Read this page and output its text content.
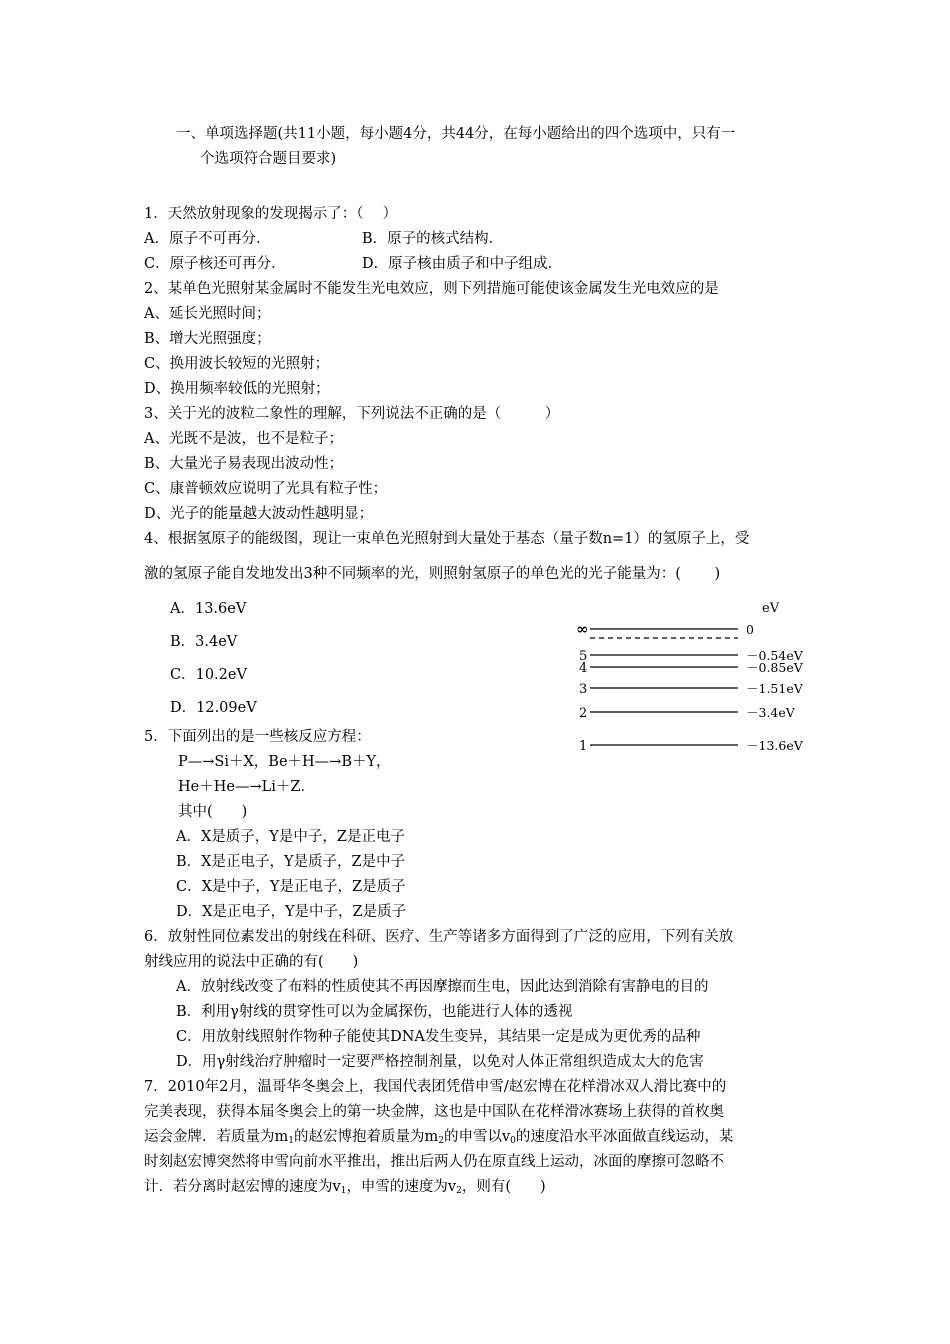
一、单项选择题(共11小题，每小题4分，共44分，在每小题给出的四个选项中，只有一
个选项符合题目要求)
1．天然放射现象的发现揭示了：（　 ）
A．原子不可再分．	B．原子的核式结构．
C．原子核还可再分．	D．原子核由质子和中子组成．
2、某单色光照射某金属时不能发生光电效应，则下列措施可能使该金属发生光电效应的是
A、延长光照时间；
B、增大光照强度；
C、换用波长较短的光照射；
D、换用频率较低的光照射；
3、关于光的波粒二象性的理解，下列说法不正确的是（　　　）
A、光既不是波，也不是粒子；
B、大量光子易表现出波动性；
C、康普顿效应说明了光具有粒子性；
D、光子的能量越大波动性越明显；
4、根据氢原子的能级图，现让一束单色光照射到大量处于基态（量子数n=1）的氢原子上，受
激的氢原子能自发地发出3种不同频率的光，则照射氢原子的单色光的光子能量为：(　　 )
A．13.6eV
B．3.4eV
C．10.2eV
D．12.09eV
eV
∞	0
5	－0.54eV
4	－0.85eV
3	－1.51eV
2	－3.4eV
1	－13.6eV
5．下面列出的是一些核反应方程：
P—→Si＋X，Be＋H—→B＋Y，
He＋He—→Li＋Z．
其中(　　)
A．X是质子，Y是中子，Z是正电子
B．X是正电子，Y是质子，Z是中子
C．X是中子，Y是正电子，Z是质子
D．X是正电子，Y是中子，Z是质子
6．放射性同位素发出的射线在科研、医疗、生产等诸多方面得到了广泛的应用，下列有关放
射线应用的说法中正确的有(　　)
A．放射线改变了布料的性质使其不再因摩擦而生电，因此达到消除有害静电的目的
B．利用γ射线的贯穿性可以为金属探伤，也能进行人体的透视
C．用放射线照射作物种子能使其DNA发生变异，其结果一定是成为更优秀的品种
D．用γ射线治疗肿瘤时一定要严格控制剂量，以免对人体正常组织造成太大的危害
7．2010年2月，温哥华冬奥会上，我国代表团凭借申雪/赵宏博在花样滑冰双人滑比赛中的
完美表现，获得本届冬奥会上的第一块金牌，这也是中国队在花样滑冰赛场上获得的首枚奥
运会金牌．若质量为$m_1$的赵宏博抱着质量为$m_2$的申雪以$v_0$的速度沿水平冰面做直线运动，某
时刻赵宏博突然将申雪向前水平推出，推出后两人仍在原直线上运动，冰面的摩擦可忽略不
计．若分离时赵宏博的速度为$v_1$，申雪的速度为$v_2$，则有(　　)
